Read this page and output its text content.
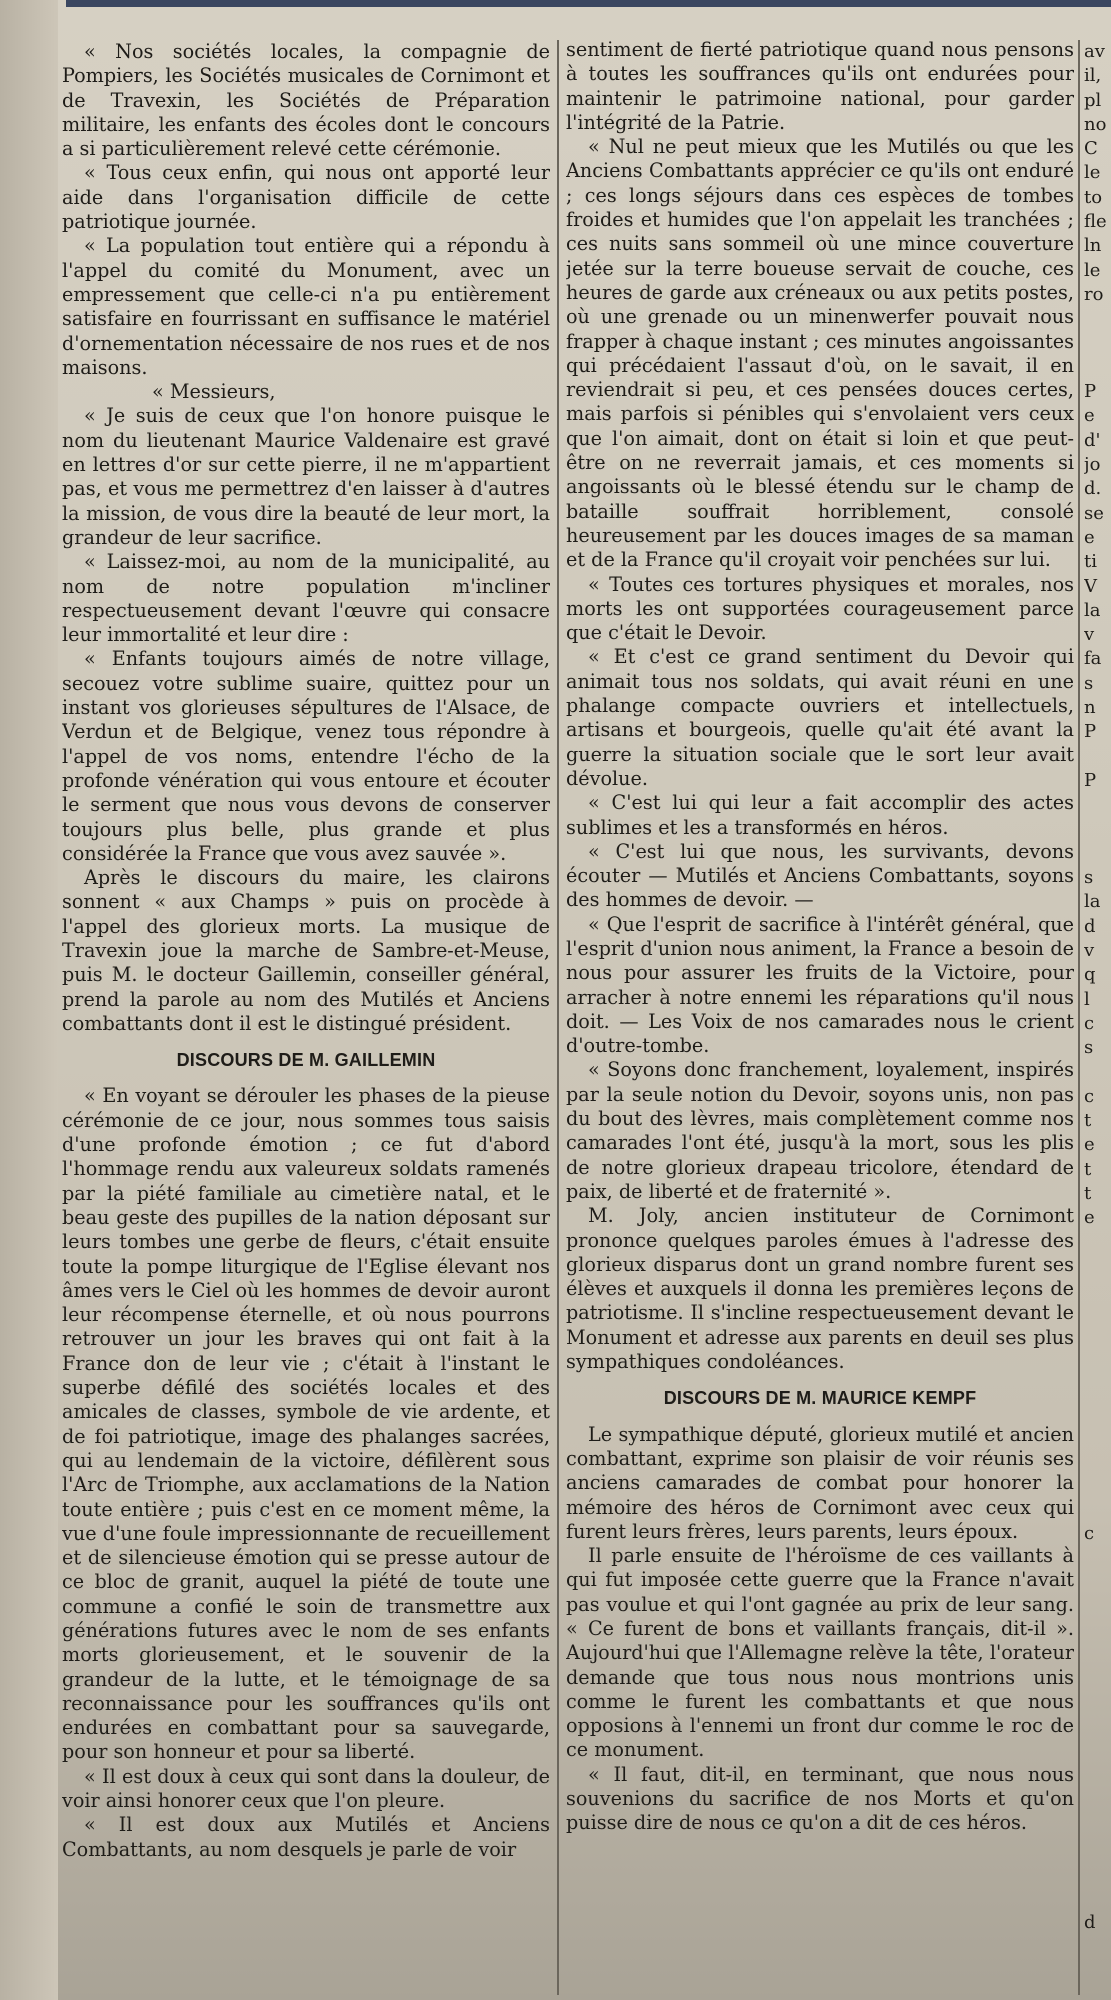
« Nos sociétés locales, la compagnie de Pompiers, les Sociétés musicales de Cornimont et de Travexin, les Sociétés de Préparation militaire, les enfants des écoles dont le concours a si particulièrement relevé cette cérémonie.

« Tous ceux enfin, qui nous ont apporté leur aide dans l'organisation difficile de cette patriotique journée.

« La population tout entière qui a répondu à l'appel du comité du Monument, avec un empressement que celle-ci n'a pu entièrement satisfaire en fourrissant en suffisance le matériel d'ornementation nécessaire de nos rues et de nos maisons.

« Messieurs,

« Je suis de ceux que l'on honore puisque le nom du lieutenant Maurice Valdenaire est gravé en lettres d'or sur cette pierre, il ne m'appartient pas, et vous me permettrez d'en laisser à d'autres la mission, de vous dire la beauté de leur mort, la grandeur de leur sacrifice.

« Laissez-moi, au nom de la municipalité, au nom de notre population m'incliner respectueusement devant l'œuvre qui consacre leur immortalité et leur dire :

« Enfants toujours aimés de notre village, secouez votre sublime suaire, quittez pour un instant vos glorieuses sépultures de l'Alsace, de Verdun et de Belgique, venez tous répondre à l'appel de vos noms, entendre l'écho de la profonde vénération qui vous entoure et écouter le serment que nous vous devons de conserver toujours plus belle, plus grande et plus considérée la France que vous avez sauvée ».

Après le discours du maire, les clairons sonnent « aux Champs » puis on procède à l'appel des glorieux morts. La musique de Travexin joue la marche de Sambre-et-Meuse, puis M. le docteur Gaillemin, conseiller général, prend la parole au nom des Mutilés et Anciens combattants dont il est le distingué président.

DISCOURS DE M. GAILLEMIN

« En voyant se dérouler les phases de la pieuse cérémonie de ce jour, nous sommes tous saisis d'une profonde émotion ; ce fut d'abord l'hommage rendu aux valeureux soldats ramenés par la piété familiale au cimetière natal, et le beau geste des pupilles de la nation déposant sur leurs tombes une gerbe de fleurs, c'était ensuite toute la pompe liturgique de l'Eglise élevant nos âmes vers le Ciel où les hommes de devoir auront leur récompense éternelle, et où nous pourrons retrouver un jour les braves qui ont fait à la France don de leur vie ; c'était à l'instant le superbe défilé des sociétés locales et des amicales de classes, symbole de vie ardente, et de foi patriotique, image des phalanges sacrées, qui au lendemain de la victoire, défilèrent sous l'Arc de Triomphe, aux acclamations de la Nation toute entière ; puis c'est en ce moment même, la vue d'une foule impressionnante de recueillement et de silencieuse émotion qui se presse autour de ce bloc de granit, auquel la piété de toute une commune a confié le soin de transmettre aux générations futures avec le nom de ses enfants morts glorieusement, et le souvenir de la grandeur de la lutte, et le témoignage de sa reconnaissance pour les souffrances qu'ils ont endurées en combattant pour sa sauvegarde, pour son honneur et pour sa liberté.

« Il est doux à ceux qui sont dans la douleur, de voir ainsi honorer ceux que l'on pleure.

« Il est doux aux Mutilés et Anciens Combattants, au nom desquels je parle de voir

sentiment de fierté patriotique quand nous pensons à toutes les souffrances qu'ils ont endurées pour maintenir le patrimoine national, pour garder l'intégrité de la Patrie.

« Nul ne peut mieux que les Mutilés ou que les Anciens Combattants apprécier ce qu'ils ont enduré ; ces longs séjours dans ces espèces de tombes froides et humides que l'on appelait les tranchées ; ces nuits sans sommeil où une mince couverture jetée sur la terre boueuse servait de couche, ces heures de garde aux créneaux ou aux petits postes, où une grenade ou un minenwerfer pouvait nous frapper à chaque instant ; ces minutes angoissantes qui précédaient l'assaut d'où, on le savait, il en reviendrait si peu, et ces pensées douces certes, mais parfois si pénibles qui s'envolaient vers ceux que l'on aimait, dont on était si loin et que peut-être on ne reverrait jamais, et ces moments si angoissants où le blessé étendu sur le champ de bataille souffrait horriblement, consolé heureusement par les douces images de sa maman et de la France qu'il croyait voir penchées sur lui.

« Toutes ces tortures physiques et morales, nos morts les ont supportées courageusement parce que c'était le Devoir.

« Et c'est ce grand sentiment du Devoir qui animait tous nos soldats, qui avait réuni en une phalange compacte ouvriers et intellectuels, artisans et bourgeois, quelle qu'ait été avant la guerre la situation sociale que le sort leur avait dévolue.

« C'est lui qui leur a fait accomplir des actes sublimes et les a transformés en héros.

« C'est lui que nous, les survivants, devons écouter — Mutilés et Anciens Combattants, soyons des hommes de devoir. —

« Que l'esprit de sacrifice à l'intérêt général, que l'esprit d'union nous animent, la France a besoin de nous pour assurer les fruits de la Victoire, pour arracher à notre ennemi les réparations qu'il nous doit. — Les Voix de nos camarades nous le crient d'outre-tombe.

« Soyons donc franchement, loyalement, inspirés par la seule notion du Devoir, soyons unis, non pas du bout des lèvres, mais complètement comme nos camarades l'ont été, jusqu'à la mort, sous les plis de notre glorieux drapeau tricolore, étendard de paix, de liberté et de fraternité ».

M. Joly, ancien instituteur de Cornimont prononce quelques paroles émues à l'adresse des glorieux disparus dont un grand nombre furent ses élèves et auxquels il donna les premières leçons de patriotisme. Il s'incline respectueusement devant le Monument et adresse aux parents en deuil ses plus sympathiques condoléances.

DISCOURS DE M. MAURICE KEMPF

Le sympathique député, glorieux mutilé et ancien combattant, exprime son plaisir de voir réunis ses anciens camarades de combat pour honorer la mémoire des héros de Cornimont avec ceux qui furent leurs frères, leurs parents, leurs époux.

Il parle ensuite de l'héroïsme de ces vaillants à qui fut imposée cette guerre que la France n'avait pas voulue et qui l'ont gagnée au prix de leur sang. « Ce furent de bons et vaillants français, dit-il ». Aujourd'hui que l'Allemagne relève la tête, l'orateur demande que tous nous nous montrions unis comme le furent les combattants et que nous opposions à l'ennemi un front dur comme le roc de ce monument.

« Il faut, dit-il, en terminant, que nous nous souvenions du sacrifice de nos Morts et qu'on puisse dire de nous ce qu'on a dit de ces héros.

av
il,
pl
no
C
le
to
fle
ln
le
ro

P
e
d'
jo
d.
se
e
ti
V
la
v
fa
s
n
P

P

s
la
d
v
q
l
c
s

c
t
e
t
t
e

c

d
